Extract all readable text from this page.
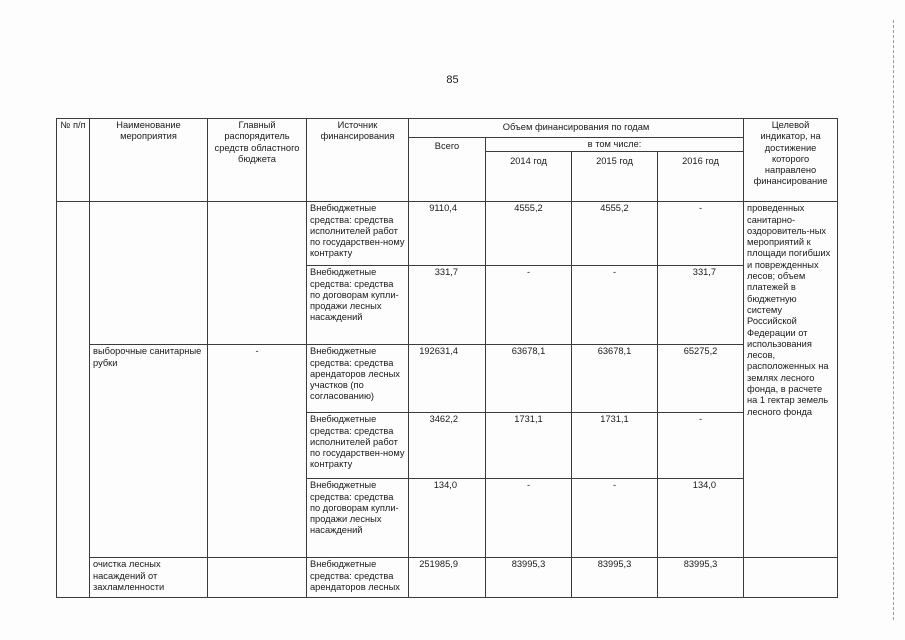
85
№ п/п	Наименование мероприятия	Главный распорядитель средств областного бюджета	Источник финансирования	Объем финансирования по годам				Целевой индикатор, на достижение которого направлено финансирование
				Всего	в том числе:			
					2014 год	2015 год	2016 год	
			Внебюджетные средства: средства исполнителей работ по государствен-ному контракту	9110,4	4555,2	4555,2	-	проведенных санитарно-оздоровитель-ных мероприятий к площади погибших и поврежденных лесов; объем платежей в бюджетную систему Российской Федерации от использования лесов, расположенных на землях лесного фонда, в расчете на 1 гектар земель лесного фонда
			Внебюджетные средства: средства по договорам купли-продажи лесных насаждений	331,7	-	-	331,7	
	выборочные санитарные рубки	-	Внебюджетные средства: средства арендаторов лесных участков (по согласованию)	192631,4	63678,1	63678,1	65275,2	
			Внебюджетные средства: средства исполнителей работ по государствен-ному контракту	3462,2	1731,1	1731,1	-	
			Внебюджетные средства: средства по договорам купли-продажи лесных насаждений	134,0	-	-	134,0	
	очистка лесных насаждений от захламленности		Внебюджетные средства: средства арендаторов лесных	251985,9	83995,3	83995,3	83995,3	
